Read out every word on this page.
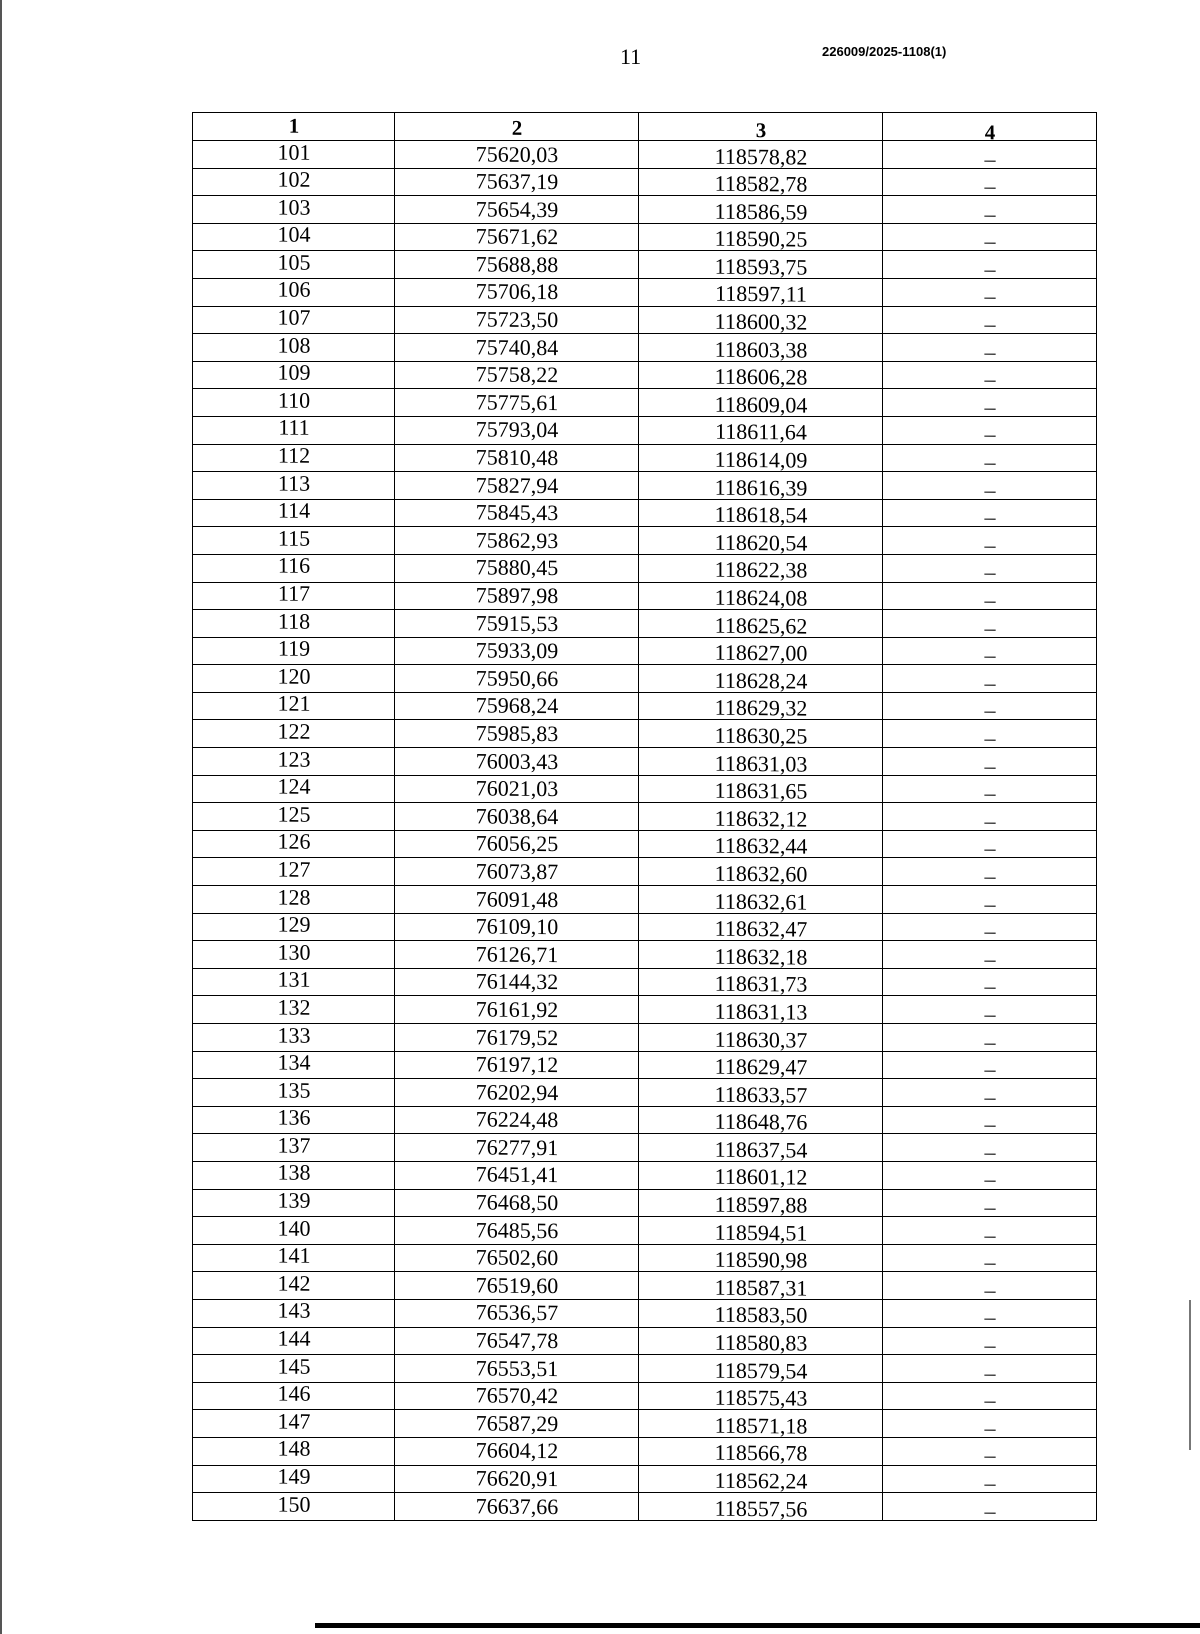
11	226009/2025-1108(1)
1	2	3	4
101	75620,03	118578,82	–
102	75637,19	118582,78	–
103	75654,39	118586,59	–
104	75671,62	118590,25	–
105	75688,88	118593,75	–
106	75706,18	118597,11	–
107	75723,50	118600,32	–
108	75740,84	118603,38	–
109	75758,22	118606,28	–
110	75775,61	118609,04	–
111	75793,04	118611,64	–
112	75810,48	118614,09	–
113	75827,94	118616,39	–
114	75845,43	118618,54	–
115	75862,93	118620,54	–
116	75880,45	118622,38	–
117	75897,98	118624,08	–
118	75915,53	118625,62	–
119	75933,09	118627,00	–
120	75950,66	118628,24	–
121	75968,24	118629,32	–
122	75985,83	118630,25	–
123	76003,43	118631,03	–
124	76021,03	118631,65	–
125	76038,64	118632,12	–
126	76056,25	118632,44	–
127	76073,87	118632,60	–
128	76091,48	118632,61	–
129	76109,10	118632,47	–
130	76126,71	118632,18	–
131	76144,32	118631,73	–
132	76161,92	118631,13	–
133	76179,52	118630,37	–
134	76197,12	118629,47	–
135	76202,94	118633,57	–
136	76224,48	118648,76	–
137	76277,91	118637,54	–
138	76451,41	118601,12	–
139	76468,50	118597,88	–
140	76485,56	118594,51	–
141	76502,60	118590,98	–
142	76519,60	118587,31	–
143	76536,57	118583,50	–
144	76547,78	118580,83	–
145	76553,51	118579,54	–
146	76570,42	118575,43	–
147	76587,29	118571,18	–
148	76604,12	118566,78	–
149	76620,91	118562,24	–
150	76637,66	118557,56	–
